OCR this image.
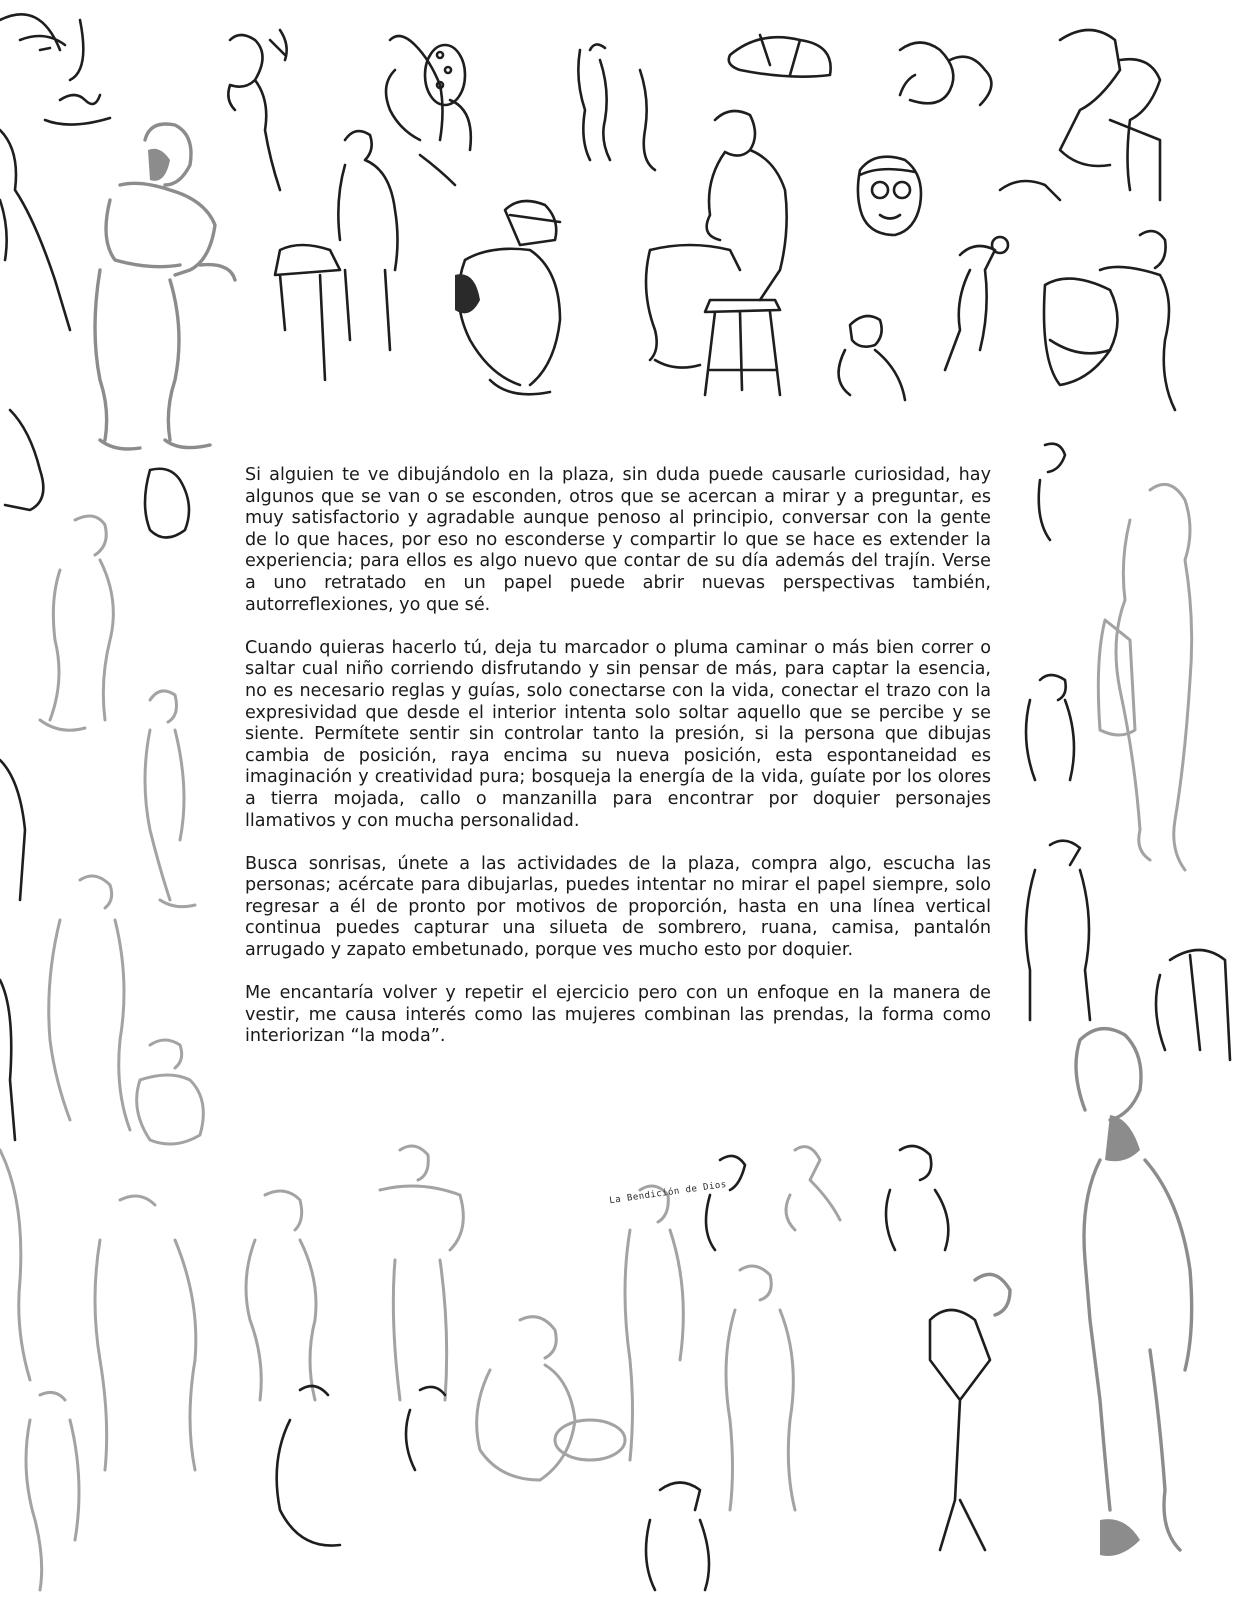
Si alguien te ve dibujándolo en la plaza, sin duda puede causarle curiosidad, hay algunos que se van o se esconden, otros que se acercan a mirar y a preguntar, es muy satisfactorio y agradable aunque penoso al principio, conversar con la gente de lo que haces, por eso no esconderse y compartir lo que se hace es extender la experiencia; para ellos es algo nuevo que contar de su día además del trajín. Verse a uno retratado en un papel puede abrir nuevas perspectivas también, autorreflexiones, yo que sé.

Cuando quieras hacerlo tú, deja tu marcador o pluma caminar o más bien correr o saltar cual niño corriendo disfrutando y sin pensar de más, para captar la esencia, no es necesario reglas y guías, solo conectarse con la vida, conectar el trazo con la expresividad que desde el interior intenta solo soltar aquello que se percibe y se siente. Permítete sentir sin controlar tanto la presión, si la persona que dibujas cambia de posición, raya encima su nueva posición, esta espontaneidad es imaginación y creatividad pura; bosqueja la energía de la vida, guíate por los olores a tierra mojada, callo o manzanilla para encontrar por doquier personajes llamativos y con mucha personalidad.

Busca sonrisas, únete a las actividades de la plaza, compra algo, escucha las personas; acércate para dibujarlas, puedes intentar no mirar el papel siempre, solo regresar a él de pronto por motivos de proporción, hasta en una línea vertical continua puedes capturar una silueta de sombrero, ruana, camisa, pantalón arrugado y zapato embetunado, porque ves mucho esto por doquier.

Me encantaría volver y repetir el ejercicio pero con un enfoque en la manera de vestir, me causa interés como las mujeres combinan las prendas, la forma como interiorizan “la moda”.

La Bendición de Dios
